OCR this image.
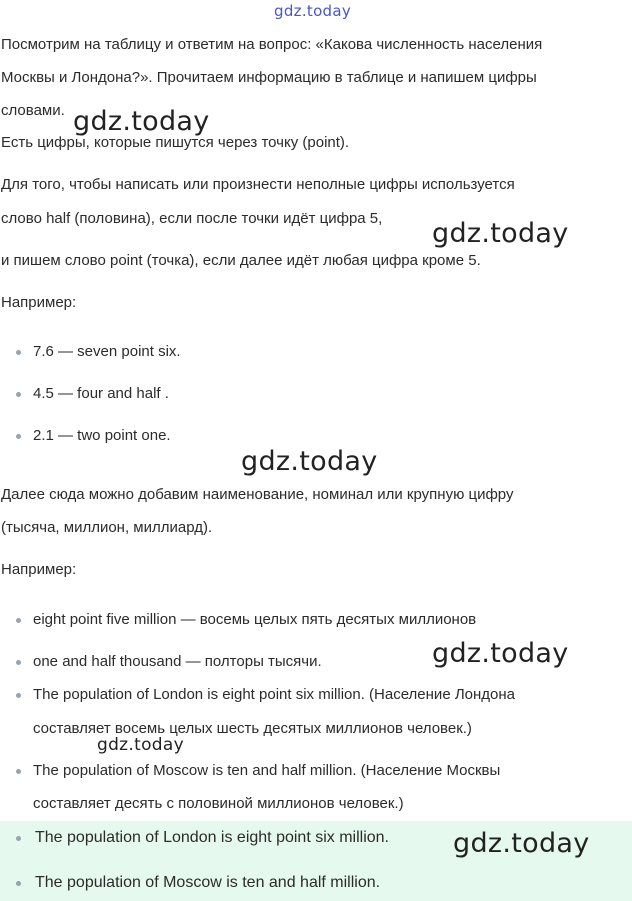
gdz.today
gdz.today
gdz.today
gdz.today
gdz.today
gdz.today
Посмотрим на таблицу и ответим на вопрос: «Какова численность населения
Москвы и Лондона?». Прочитаем информацию в таблице и напишем цифры
словами.
Есть цифры, которые пишутся через точку (point).
Для того, чтобы написать или произнести неполные цифры используется
слово half (половина), если после точки идёт цифра 5,
и пишем слово point (точка), если далее идёт любая цифра кроме 5.
Например:
7.6 — seven point six.
4.5 — four and half .
2.1 — two point one.
Далее сюда можно добавим наименование, номинал или крупную цифру
(тысяча, миллион, миллиард).
Например:
eight point five million — восемь целых пять десятых миллионов
one and half thousand — полторы тысячи.
The population of London is eight point six million. (Население Лондона
составляет восемь целых шесть десятых миллионов человек.)
The population of Moscow is ten and half million. (Население Москвы
составляет десять с половиной миллионов человек.)
The population of London is eight point six million.
The population of Moscow is ten and half million.
gdz.today
